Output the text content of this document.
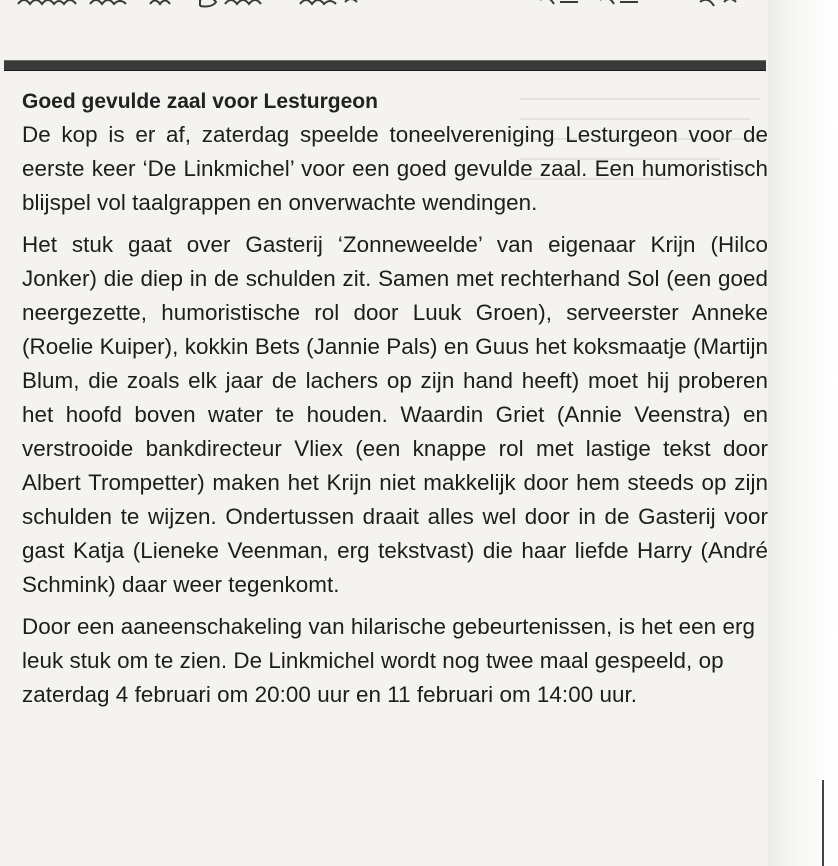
Goed gevulde zaal voor Lesturgeon

De kop is er af, zaterdag speelde toneelvereniging Lesturgeon voor de eerste keer ‘De Linkmichel’ voor een goed gevulde zaal. Een humoristisch blijspel vol taalgrappen en onverwachte wendingen.

Het stuk gaat over Gasterij ‘Zonneweelde’ van eigenaar Krijn (Hilco Jonker) die diep in de schulden zit. Samen met rechterhand Sol (een goed neergezette, humoristische rol door Luuk Groen), serveerster Anneke (Roelie Kuiper), kokkin Bets (Jannie Pals) en Guus het koksmaatje (Martijn Blum, die zoals elk jaar de lachers op zijn hand heeft) moet hij proberen het hoofd boven water te houden. Waardin Griet (Annie Veenstra) en verstrooide bankdirecteur Vliex (een knappe rol met lastige tekst door Albert Trompetter) maken het Krijn niet makkelijk door hem steeds op zijn schulden te wijzen. Ondertussen draait alles wel door in de Gasterij voor gast Katja (Lieneke Veenman, erg tekstvast) die haar liefde Harry (André Schmink) daar weer tegenkomt.

Door een aaneenschakeling van hilarische gebeurtenissen, is het een erg leuk stuk om te zien. De Linkmichel wordt nog twee maal gespeeld, op zaterdag 4 februari om 20:00 uur en 11 februari om 14:00 uur.
